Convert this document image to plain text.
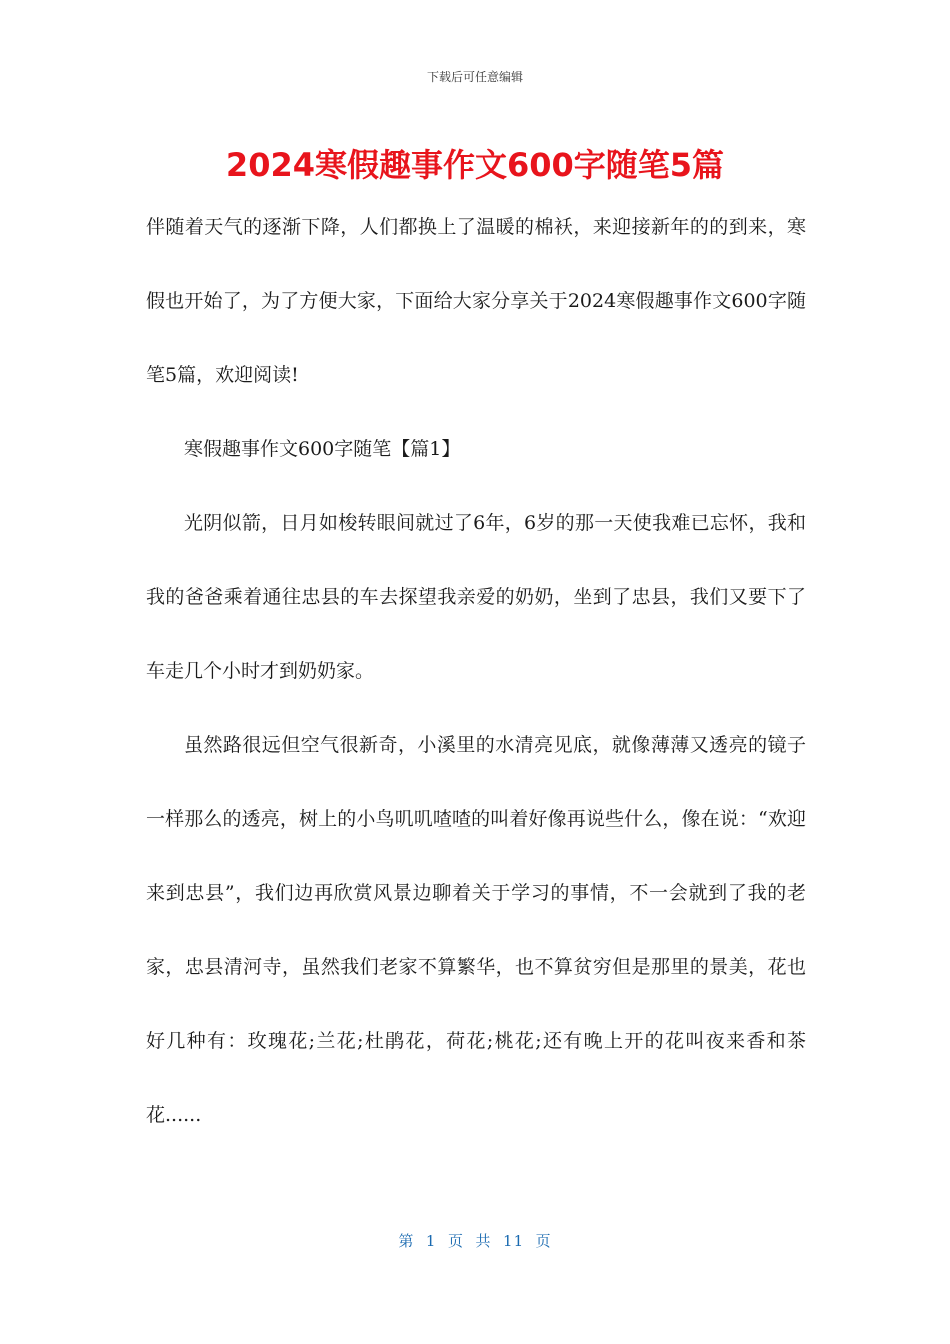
下载后可任意编辑
2024寒假趣事作文600字随笔5篇

伴随着天气的逐渐下降，人们都换上了温暖的棉袄，来迎接新年的的到来，寒假也开始了，为了方便大家，下面给大家分享关于2024寒假趣事作文600字随笔5篇，欢迎阅读!

寒假趣事作文600字随笔【篇1】

光阴似箭，日月如梭转眼间就过了6年，6岁的那一天使我难已忘怀，我和我的爸爸乘着通往忠县的车去探望我亲爱的奶奶，坐到了忠县，我们又要下了车走几个小时才到奶奶家。

虽然路很远但空气很新奇，小溪里的水清亮见底，就像薄薄又透亮的镜子一样那么的透亮，树上的小鸟叽叽喳喳的叫着好像再说些什么，像在说：“欢迎来到忠县”，我们边再欣赏风景边聊着关于学习的事情，不一会就到了我的老家，忠县清河寺，虽然我们老家不算繁华，也不算贫穷但是那里的景美，花也好几种有：玫瑰花;兰花;杜鹃花，荷花;桃花;还有晚上开的花叫夜来香和茶花......

第  1  页  共  11  页
